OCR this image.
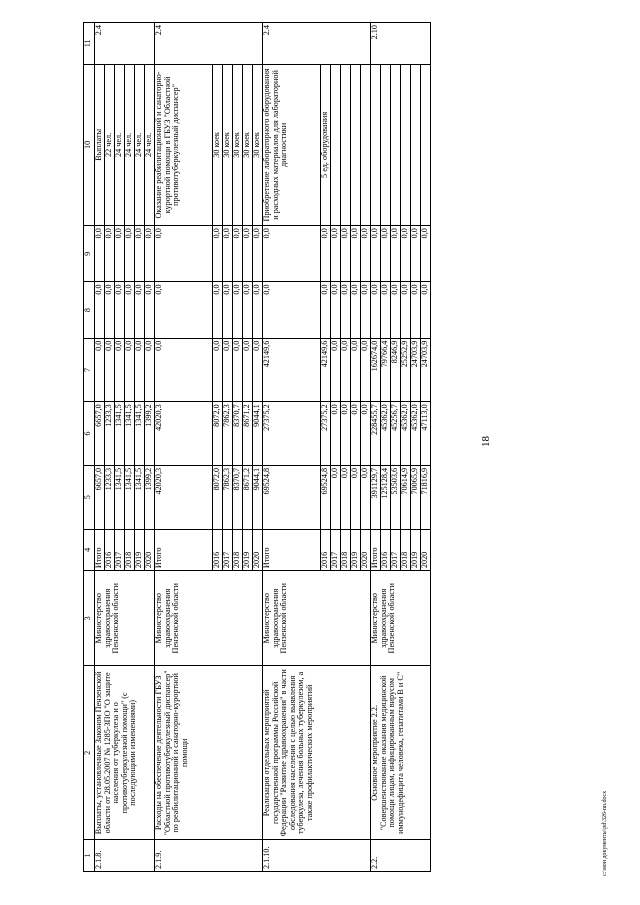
18
1	2	3	4	5	6	7	8	9	10	11
2.1.8.	Выплаты, установленные Законом Пензенской области от 28.05.2007 № 1285-ЗПО "О защите населения от туберкулеза и о противотуберкулезной помощи" (с последующими изменениями)	Министерство здравоохранения Пензенской области	Итого	6657,0	6657,0	0,0	0,0	0,0	Выплаты	2.4
			2016	1233,3	1233,3	0,0	0,0	0,0	22 чел.	
			2017	1341,5	1341,5	0,0	0,0	0,0	24 чел.	
			2018	1341,5	1341,5	0,0	0,0	0,0	24 чел.	
			2019	1341,5	1341,5	0,0	0,0	0,0	24 чел.	
			2020	1399,2	1399,2	0,0	0,0	0,0	24 чел.	
2.1.9.	Расходы на обеспечение деятельности ГБУЗ "Областной противотуберкулезный диспансер" по реабилитационной и санаторно-курортной помощи	Министерство здравоохранения Пензенской области	Итого	42020,3	42020,3	0,0	0,0	0,0	Оказание реабилитационной и санаторно-курортной помощи в ГБУЗ "Областной противотуберкулезный диспансер"	2.4
			2016	8072,0	8072,0	0,0	0,0	0,0	30 коек	
			2017	7862,3	7862,3	0,0	0,0	0,0	30 коек	
			2018	8370,7	8370,7	0,0	0,0	0,0	30 коек	
			2019	8671,2	8671,2	0,0	0,0	0,0	30 коек	
			2020	9044,1	9044,1	0,0	0,0	0,0	30 коек	
2.1.10.	Реализация отдельных мероприятий государственной программы Российской Федерации "Развитие здравоохранения" в части обследования населения с целью выявления туберкулеза, лечения больных туберкулезом, а также профилактических мероприятий	Министерство здравоохранения Пензенской области	Итого	69524,8	27375,2	42149,6	0,0	0,0	Приобретение лабораторного оборудования и расходных материалов для лабораторной диагностики	2.4
			2016	69524,8	27375,2	42149,6	0,0	0,0	5 ед. оборудования	
			2017	0,0	0,0	0,0	0,0	0,0		
			2018	0,0	0,0	0,0	0,0	0,0		
			2019	0,0	0,0	0,0	0,0	0,0		
			2020	0,0	0,0	0,0	0,0	0,0		
2.2.	Основное мероприятие 2.2. "Совершенствование оказания медицинской помощи лицам, инфицированным вирусом иммунодефицита человека, гепатитами В и С"	Министерство здравоохранения Пензенской области	Итого	391129,7	228455,7	162674,0	0,0	0,0		2.10
			2016	125128,4	45362,0	79766,4	0,0	0,0		
			2017	53503,6	45256,7	8246,9	0,0	0,0		
			2018	70614,9	45362,0	25252,9	0,0	0,0		
			2019	70065,9	45362,0	24703,9	0,0	0,0		
			2020	71816,9	47113,0	24703,9	0,0	0,0		
c:\мои документы\pd\326-nn.docx
